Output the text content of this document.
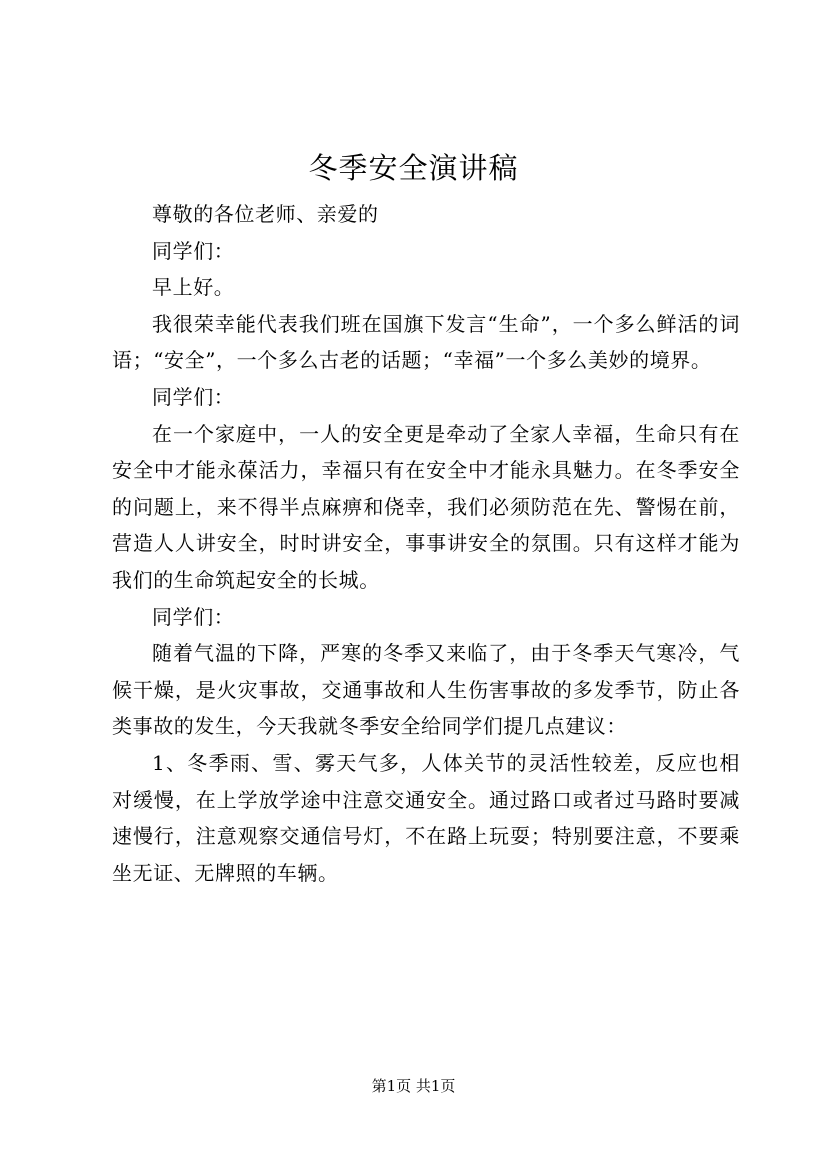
冬季安全演讲稿

尊敬的各位老师、亲爱的

同学们：

早上好。

我很荣幸能代表我们班在国旗下发言“生命”，一个多么鲜活的词语；“安全”，一个多么古老的话题；“幸福”一个多么美妙的境界。

同学们：

在一个家庭中，一人的安全更是牵动了全家人幸福，生命只有在安全中才能永葆活力，幸福只有在安全中才能永具魅力。在冬季安全的问题上，来不得半点麻痹和侥幸，我们必须防范在先、警惕在前，营造人人讲安全，时时讲安全，事事讲安全的氛围。只有这样才能为我们的生命筑起安全的长城。

同学们：

随着气温的下降，严寒的冬季又来临了，由于冬季天气寒冷，气候干燥，是火灾事故，交通事故和人生伤害事故的多发季节，防止各类事故的发生，今天我就冬季安全给同学们提几点建议：

1、冬季雨、雪、雾天气多，人体关节的灵活性较差，反应也相对缓慢，在上学放学途中注意交通安全。通过路口或者过马路时要减速慢行，注意观察交通信号灯，不在路上玩耍；特别要注意，不要乘坐无证、无牌照的车辆。

第1页 共1页
